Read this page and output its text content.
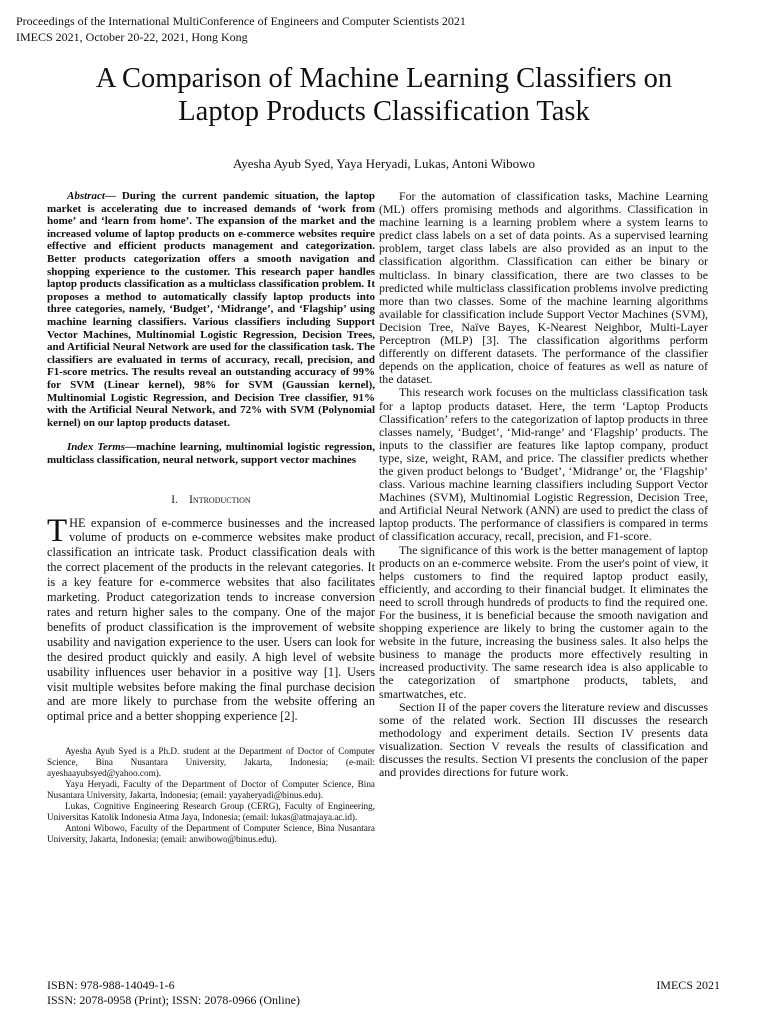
Proceedings of the International MultiConference of Engineers and Computer Scientists 2021
IMECS 2021, October 20-22, 2021, Hong Kong
A Comparison of Machine Learning Classifiers on
Laptop Products Classification Task
Ayesha Ayub Syed, Yaya Heryadi, Lukas, Antoni Wibowo

Abstract— During the current pandemic situation, the laptop market is accelerating due to increased demands of ‘work from home’ and ‘learn from home’. The expansion of the market and the increased volume of laptop products on e-commerce websites require effective and efficient products management and categorization. Better products categorization offers a smooth navigation and shopping experience to the customer. This research paper handles laptop products classification as a multiclass classification problem. It proposes a method to automatically classify laptop products into three categories, namely, ‘Budget’, ‘Midrange’, and ‘Flagship’ using machine learning classifiers. Various classifiers including Support Vector Machines, Multinomial Logistic Regression, Decision Trees, and Artificial Neural Network are used for the classification task. The classifiers are evaluated in terms of accuracy, recall, precision, and F1-score metrics. The results reveal an outstanding accuracy of 99% for SVM (Linear kernel), 98% for SVM (Gaussian kernel), Multinomial Logistic Regression, and Decision Tree classifier, 91% with the Artificial Neural Network, and 72% with SVM (Polynomial kernel) on our laptop products dataset.

Index Terms—machine learning, multinomial logistic regression, multiclass classification, neural network, support vector machines

I. Introduction

THE expansion of e-commerce businesses and the increased volume of products on e-commerce websites make product classification an intricate task. Product classification deals with the correct placement of the products in the relevant categories. It is a key feature for e-commerce websites that also facilitates marketing. Product categorization tends to increase conversion rates and return higher sales to the company. One of the major benefits of product classification is the improvement of website usability and navigation experience to the user. Users can look for the desired product quickly and easily. A high level of website usability influences user behavior in a positive way [1]. Users visit multiple websites before making the final purchase decision and are more likely to purchase from the website offering an optimal price and a better shopping experience [2].

Ayesha Ayub Syed is a Ph.D. student at the Department of Doctor of Computer Science, Bina Nusantara University, Jakarta, Indonesia; (e-mail: ayeshaayubsyed@yahoo.com).

Yaya Heryadi, Faculty of the Department of Doctor of Computer Science, Bina Nusantara University, Jakarta, Indonesia; (email: yayaheryadi@binus.edu).

Lukas, Cognitive Engineering Research Group (CERG), Faculty of Engineering, Universitas Katolik Indonesia Atma Jaya, Indonesia; (email: lukas@atmajaya.ac.id).

Antoni Wibowo, Faculty of the Department of Computer Science, Bina Nusantara University, Jakarta, Indonesia; (email: anwibowo@binus.edu).

For the automation of classification tasks, Machine Learning (ML) offers promising methods and algorithms. Classification in machine learning is a learning problem where a system learns to predict class labels on a set of data points. As a supervised learning problem, target class labels are also provided as an input to the classification algorithm. Classification can either be binary or multiclass. In binary classification, there are two classes to be predicted while multiclass classification problems involve predicting more than two classes. Some of the machine learning algorithms available for classification include Support Vector Machines (SVM), Decision Tree, Naïve Bayes, K-Nearest Neighbor, Multi-Layer Perceptron (MLP) [3]. The classification algorithms perform differently on different datasets. The performance of the classifier depends on the application, choice of features as well as nature of the dataset.

This research work focuses on the multiclass classification task for a laptop products dataset. Here, the term ‘Laptop Products Classification’ refers to the categorization of laptop products in three classes namely, ‘Budget’, ‘Mid-range’ and ‘Flagship’ products. The inputs to the classifier are features like laptop company, product type, size, weight, RAM, and price. The classifier predicts whether the given product belongs to ‘Budget’, ‘Midrange’ or, the ‘Flagship’ class. Various machine learning classifiers including Support Vector Machines (SVM), Multinomial Logistic Regression, Decision Tree, and Artificial Neural Network (ANN) are used to predict the class of laptop products. The performance of classifiers is compared in terms of classification accuracy, recall, precision, and F1-score.

The significance of this work is the better management of laptop products on an e-commerce website. From the user's point of view, it helps customers to find the required laptop product easily, efficiently, and according to their financial budget. It eliminates the need to scroll through hundreds of products to find the required one. For the business, it is beneficial because the smooth navigation and shopping experience are likely to bring the customer again to the website in the future, increasing the business sales. It also helps the business to manage the products more effectively resulting in increased productivity. The same research idea is also applicable to the categorization of smartphone products, tablets, and smartwatches, etc.

Section II of the paper covers the literature review and discusses some of the related work. Section III discusses the research methodology and experiment details. Section IV presents data visualization. Section V reveals the results of classification and discusses the results. Section VI presents the conclusion of the paper and provides directions for future work.

ISBN: 978-988-14049-1-6
ISSN: 2078-0958 (Print); ISSN: 2078-0966 (Online)
IMECS 2021
